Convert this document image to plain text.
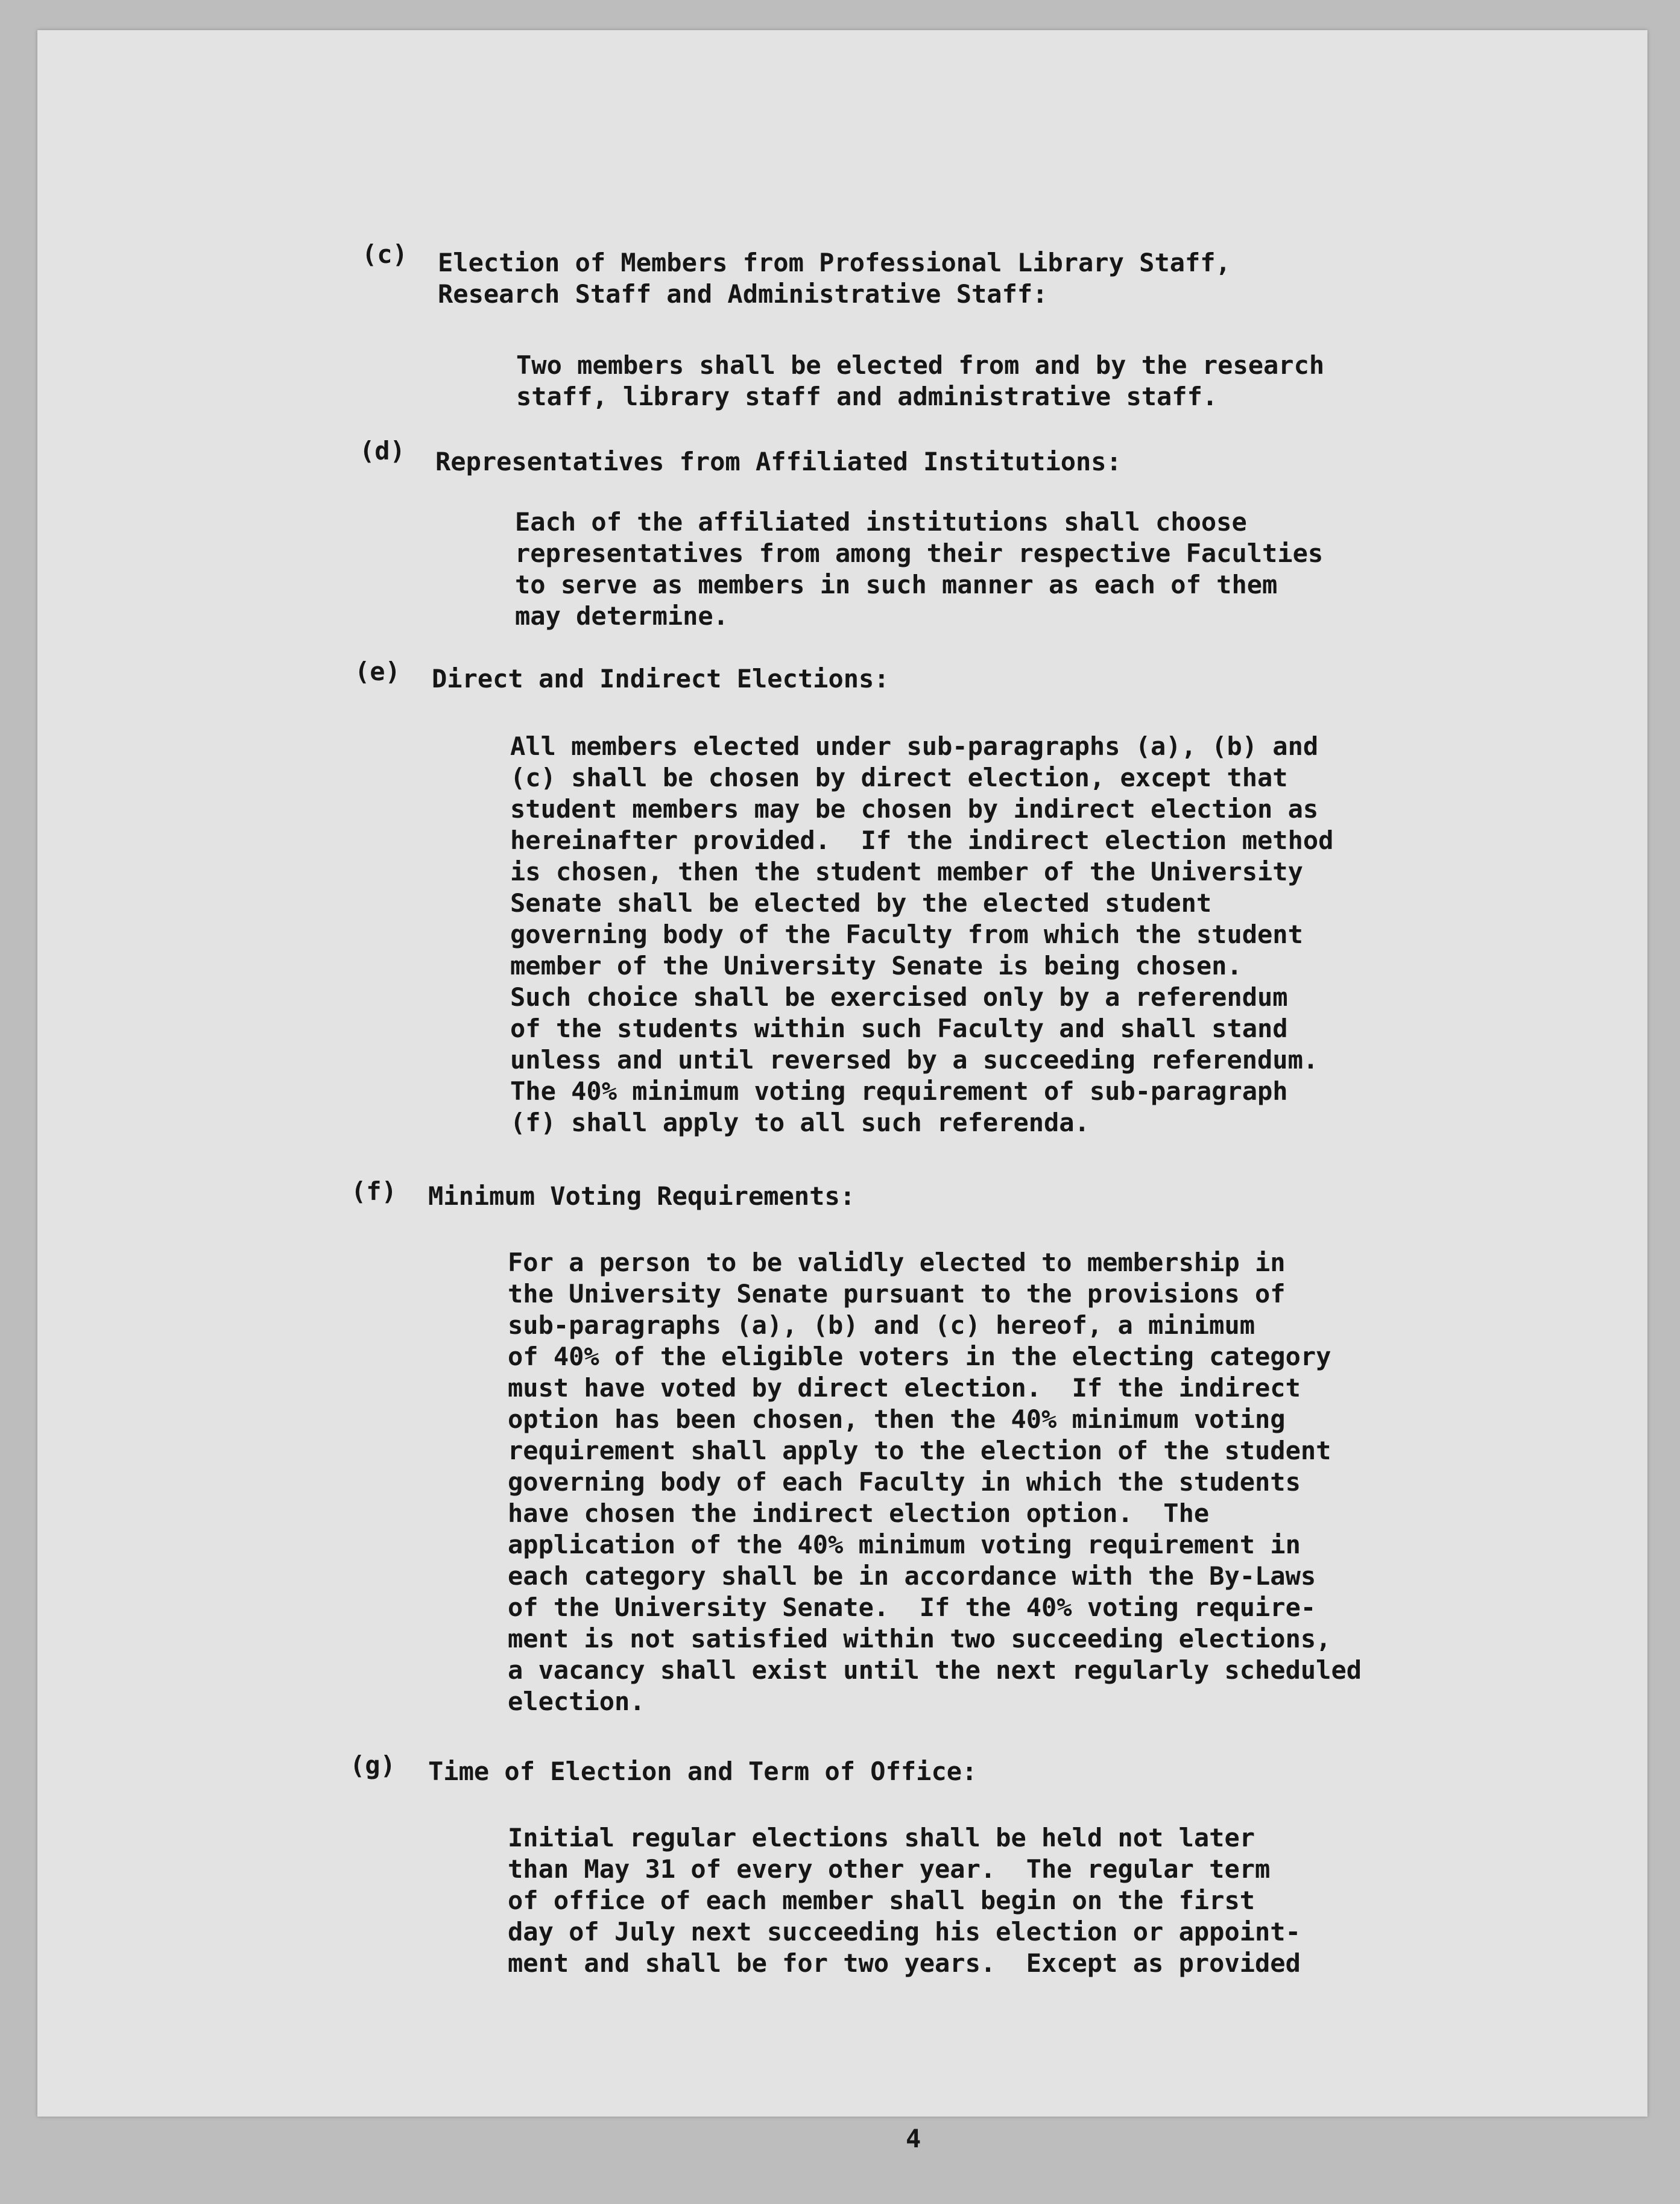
(c) Election of Members from Professional Library Staff,
Research Staff and Administrative Staff:
Two members shall be elected from and by the research
staff, library staff and administrative staff.
(d) Representatives from Affiliated Institutions:
Each of the affiliated institutions shall choose
representatives from among their respective Faculties
to serve as members in such manner as each of them
may determine.
(e) Direct and Indirect Elections:
All members elected under sub-paragraphs (a), (b) and
(c) shall be chosen by direct election, except that
student members may be chosen by indirect election as
hereinafter provided.  If the indirect election method
is chosen, then the student member of the University
Senate shall be elected by the elected student
governing body of the Faculty from which the student
member of the University Senate is being chosen.
Such choice shall be exercised only by a referendum
of the students within such Faculty and shall stand
unless and until reversed by a succeeding referendum.
The 40% minimum voting requirement of sub-paragraph
(f) shall apply to all such referenda.
(f) Minimum Voting Requirements:
For a person to be validly elected to membership in
the University Senate pursuant to the provisions of
sub-paragraphs (a), (b) and (c) hereof, a minimum
of 40% of the eligible voters in the electing category
must have voted by direct election.  If the indirect
option has been chosen, then the 40% minimum voting
requirement shall apply to the election of the student
governing body of each Faculty in which the students
have chosen the indirect election option.  The
application of the 40% minimum voting requirement in
each category shall be in accordance with the By-Laws
of the University Senate.  If the 40% voting require-
ment is not satisfied within two succeeding elections,
a vacancy shall exist until the next regularly scheduled
election.
(g) Time of Election and Term of Office:
Initial regular elections shall be held not later
than May 31 of every other year.  The regular term
of office of each member shall begin on the first
day of July next succeeding his election or appoint-
ment and shall be for two years.  Except as provided
4
